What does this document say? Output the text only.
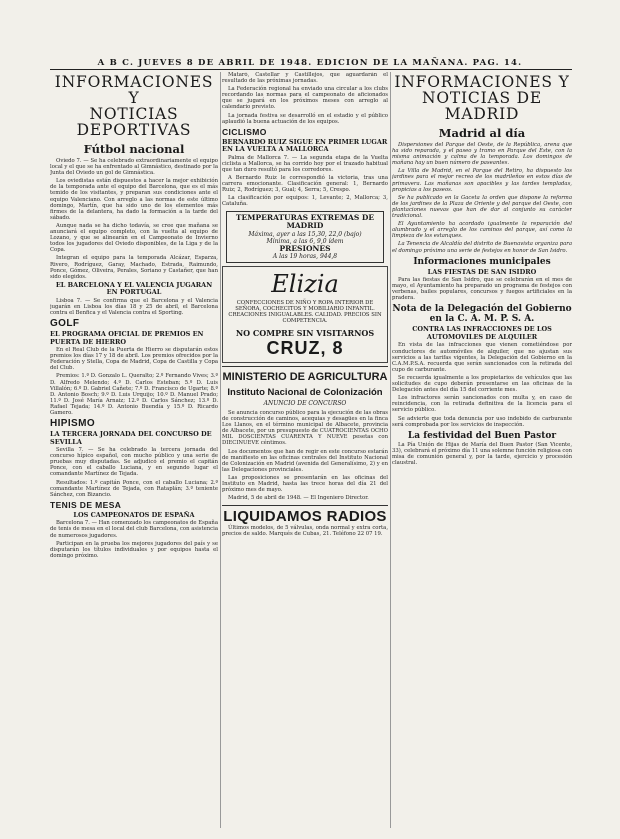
A B C. JUEVES 8 DE ABRIL DE 1948. EDICION DE LA MAÑANA. PAG. 14.
INFORMACIONES Y
NOTICIAS DEPORTIVAS
Fútbol nacional

Oviedo 7. — Se ha celebrado extraordinariamente el equipo local y el que se ha enfrentado al Gimnástico, destinado por la Junta del Oviedo un gol de Gimnástica.

Los oviedistas están dispuestos a hacer la mejor exhibición de la temporada ante el equipo del Barcelona, que es el más temido de los visitantes, y preparan sus condiciones ante el equipo Valenciano. Con arreglo a las normas de este último domingo, Martín, que ha sido uno de los elementos más firmes de la delantera, ha dado la formación a la tarde del sábado.

Aunque nada se ha dicho todavía, se cree que mañana se anunciará el equipo completo, con la vuelta al equipo de Lozano, y que se alinearán en el Campeonato de Invierno todos los jugadores del Oviedo disponibles, de la Liga y de la Copa.

Integran el equipo para la temporada Alcázar, Esparza, Rivero, Rodríguez, Garay, Machado, Estrada, Raimundo, Ponce, Gómez, Oliveira, Perales, Soriano y Castañer, que han sido elegidos.

EL BARCELONA Y EL VALENCIA JUGARAN EN PORTUGAL

Lisboa 7. — Se confirma que el Barcelona y el Valencia jugarán en Lisboa los días 18 y 25 de abril, el Barcelona contra el Benfica y el Valencia contra el Sporting.

GOLF
EL PROGRAMA OFICIAL DE PREMIOS EN PUERTA DE HIERRO

En el Real Club de la Puerta de Hierro se disputarán estos premios los días 17 y 18 de abril. Los premios ofrecidos por la Federación y Stella, Copa de Madrid, Copa de Castilla y Copa del Club.

Premios: 1.º D. Gonzalo L. Queralto; 2.º Fernando Vives; 3.º D. Alfredo Melendo; 4.º D. Carlos Esteban; 5.º D. Luis Villalón; 6.º D. Gabriel Cañete; 7.º D. Francisco de Ugarte; 8.º D. Antonio Bosch; 9.º D. Luis Urquijo; 10.º D. Manuel Prado; 11.º D. José María Arnaiz; 12.º D. Carlos Sánchez; 13.º D. Rafael Tejada; 14.º D. Antonio Buendía y 15.º D. Ricardo Gamero.

HIPISMO
LA TERCERA JORNADA DEL CONCURSO DE SEVILLA

Sevilla 7. — Se ha celebrado la tercera jornada del concurso hípico español, con mucho público y una serie de pruebas muy disputadas. Se adjudicó el premio el capitán Ponce, con el caballo Luciana, y en segundo lugar el comandante Martínez de Tejada.

Resultados: 1.º capitán Ponce, con el caballo Luciana; 2.º comandante Martínez de Tejada, con Rataplán; 3.º teniente Sánchez, con Bizancio.

TENIS DE MESA
LOS CAMPEONATOS DE ESPAÑA

Barcelona 7. — Han comenzado los campeonatos de España de tenis de mesa en el local del club Barcelona, con asistencia de numerosos jugadores.

Participan en la prueba los mejores jugadores del país y se disputarán los títulos individuales y por equipos hasta el domingo próximo.

Mataró, Castellar y Castillejos, que aguardarán el resultado de las próximas jornadas.

La Federación regional ha enviado una circular a los clubs recordando las normas para el campeonato de aficionados que se jugará en los próximos meses con arreglo al calendario previsto.

La jornada festiva se desarrolló en el estadio y el público aplaudió la buena actuación de los equipos.

CICLISMO
BERNARDO RUIZ SIGUE EN PRIMER LUGAR EN LA VUELTA A MALLORCA

Palma de Mallorca 7. — La segunda etapa de la Vuelta ciclista a Mallorca, se ha corrido hoy por el trazado habitual que tan duro resultó para los corredores.

A Bernardo Ruiz le correspondió la victoria, tras una carrera emocionante. Clasificación general: 1, Bernardo Ruiz; 2, Rodríguez; 3, Gual; 4, Serra; 5, Crespo.

La clasificación por equipos: 1, Levante; 2, Mallorca; 3, Cataluña.

TEMPERATURAS EXTREMAS DE MADRID
Máxima, ayer a las 15,30, 22,0 (bajo)
Mínima, a las 6, 9,0 ídem
PRESIONES
A las 19 horas, 944,8
Elizia
CONFECCIONES DE NIÑO Y ROPA INTERIOR DE SEÑORA, COCHECITOS Y MOBILIARIO INFANTIL. CREACIONES INIGUALABLES. CALIDAD. PRECIOS SIN COMPETENCIA.
NO COMPRE SIN VISITARNOS
CRUZ, 8
MINISTERIO DE AGRICULTURA
Instituto Nacional de Colonización
ANUNCIO DE CONCURSO

Se anuncia concurso público para la ejecución de las obras de construcción de caminos, acequias y desagües en la finca Los Llanos, en el término municipal de Albacete, provincia de Albacete, por un presupuesto de CUATROCIENTAS OCHO MIL DOSCIENTAS CUARENTA Y NUEVE pesetas con DIECINUEVE céntimos.

Los documentos que han de regir en este concurso estarán de manifiesto en las oficinas centrales del Instituto Nacional de Colonización en Madrid (avenida del Generalísimo, 2) y en las Delegaciones provinciales.

Las proposiciones se presentarán en las oficinas del Instituto en Madrid, hasta las trece horas del día 21 del próximo mes de mayo.

Madrid, 5 de abril de 1948. — El Ingeniero Director.

LIQUIDAMOS RADIOS

Últimos modelos, de 5 válvulas, onda normal y extra corta, precios de saldo. Marqués de Cubas, 21. Teléfono 22 07 19.

INFORMACIONES Y
NOTICIAS DE MADRID
Madrid al día

Dispersiones del Parque del Oeste, de la República, arena que ha sido reparada, y el paseo y tramo en Parque del Este, con la misma animación y calma de la temporada. Los domingos de mañana hay un buen número de paseantes.

La Villa de Madrid, en el Parque del Retiro, ha dispuesto los jardines para el mejor recreo de los madrileños en estos días de primavera. Las mañanas son apacibles y las tardes templadas, propicias a los paseos.

Se ha publicado en la Gaceta la orden que dispone la reforma de los jardines de la Plaza de Oriente y del parque del Oeste, con plantaciones nuevas que han de dar al conjunto su carácter tradicional.

El Ayuntamiento ha acordado igualmente la reparación del alumbrado y el arreglo de los caminos del parque, así como la limpieza de los estanques.

La Tenencia de Alcaldía del distrito de Buenavista organiza para el domingo próximo una serie de festejos en honor de San Isidro.

Informaciones municipales
LAS FIESTAS DE SAN ISIDRO

Para las fiestas de San Isidro, que se celebrarán en el mes de mayo, el Ayuntamiento ha preparado un programa de festejos con verbenas, bailes populares, concursos y fuegos artificiales en la pradera.

Nota de la Delegación del Gobierno en la C. A. M. P. S. A.
CONTRA LAS INFRACCIONES DE LOS AUTOMOVILES DE ALQUILER

En vista de las infracciones que vienen cometiéndose por conductores de automóviles de alquiler, que no ajustan sus servicios a las tarifas vigentes, la Delegación del Gobierno en la C.A.M.P.S.A. recuerda que serán sancionados con la retirada del cupo de carburante.

Se recuerda igualmente a los propietarios de vehículos que las solicitudes de cupo deberán presentarse en las oficinas de la Delegación antes del día 15 del corriente mes.

Los infractores serán sancionados con multa y, en caso de reincidencia, con la retirada definitiva de la licencia para el servicio público.

Se advierte que toda denuncia por uso indebido de carburante será comprobada por los servicios de inspección.

La festividad del Buen Pastor

La Pía Unión de Hijas de María del Buen Pastor (San Vicente, 33), celebrará el próximo día 11 una solemne función religiosa con misa de comunión general y, por la tarde, ejercicio y procesión claustral.
